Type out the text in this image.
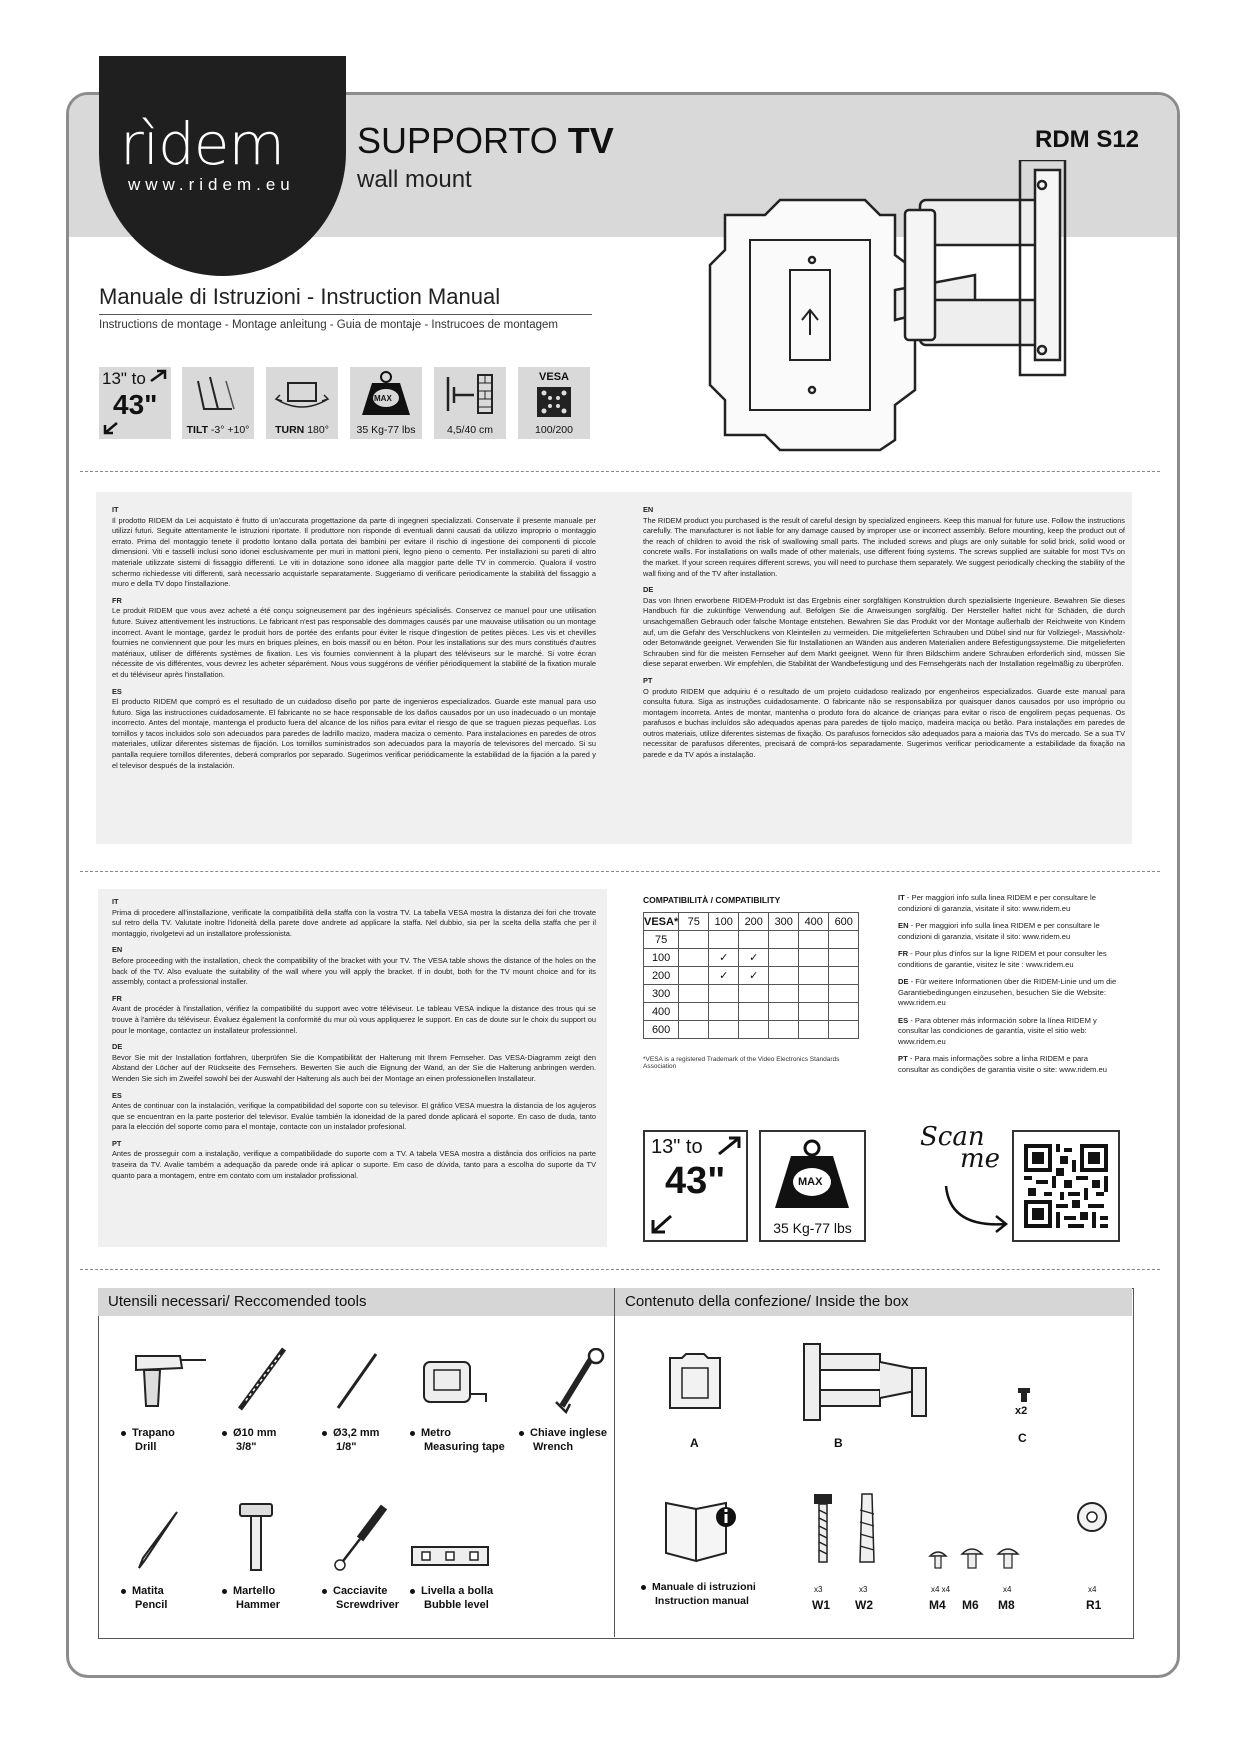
rìdem
www.ridem.eu
SUPPORTO TV
wall mount
RDM S12
Manuale di Istruzioni - Instruction Manual
Instructions de montage - Montage anleitung - Guia de montaje - Instrucoes de montagem
13" to
43"
TILT -3° +10°	TURN 180°
MAX
35 Kg-77 lbs	4,5/40 cm
VESA
100/200

IT
Il prodotto RIDEM da Lei acquistato è frutto di un'accurata progettazione da parte di ingegneri specializzati. Conservate il presente manuale per utilizzi futuri. Seguite attentamente le istruzioni riportate. Il produttore non risponde di eventuali danni causati da utilizzo improprio o montaggio errato. Prima del montaggio tenete il prodotto lontano dalla portata dei bambini per evitare il rischio di ingestione dei componenti di piccole dimensioni. Viti e tasselli inclusi sono idonei esclusivamente per muri in mattoni pieni, legno pieno o cemento. Per installazioni su pareti di altro materiale utilizzate sistemi di fissaggio differenti. Le viti in dotazione sono idonee alla maggior parte delle TV in commercio. Qualora il vostro schermo richiedesse viti differenti, sarà necessario acquistarle separatamente. Suggeriamo di verificare periodicamente la stabilità del fissaggio a muro e della TV dopo l'installazione.

FR
Le produit RIDEM que vous avez acheté a été conçu soigneusement par des ingénieurs spécialisés. Conservez ce manuel pour une utilisation future. Suivez attentivement les instructions. Le fabricant n'est pas responsable des dommages causés par une mauvaise utilisation ou un montage incorrect. Avant le montage, gardez le produit hors de portée des enfants pour éviter le risque d'ingestion de petites pièces. Les vis et chevilles fournies ne conviennent que pour les murs en briques pleines, en bois massif ou en béton. Pour les installations sur des murs constitués d'autres matériaux, utiliser de différents systèmes de fixation. Les vis fournies conviennent à la plupart des téléviseurs sur le marché. Si votre écran nécessite de vis différentes, vous devrez les acheter séparément. Nous vous suggérons de vérifier périodiquement la stabilité de la fixation murale et du téléviseur après l'installation.

ES
El producto RIDEM que compró es el resultado de un cuidadoso diseño por parte de ingenieros especializados. Guarde este manual para uso futuro. Siga las instrucciones cuidadosamente. El fabricante no se hace responsable de los daños causados por un uso inadecuado o un montaje incorrecto. Antes del montaje, mantenga el producto fuera del alcance de los niños para evitar el riesgo de que se traguen piezas pequeñas. Los tornillos y tacos incluidos solo son adecuados para paredes de ladrillo macizo, madera maciza o cemento. Para instalaciones en paredes de otros materiales, utilizar diferentes sistemas de fijación. Los tornillos suministrados son adecuados para la mayoría de televisores del mercado. Si su pantalla requiere tornillos diferentes, deberá comprarlos por separado. Sugerimos verificar periódicamente la estabilidad de la fijación a la pared y el televisor después de la instalación.

EN
The RIDEM product you purchased is the result of careful design by specialized engineers. Keep this manual for future use. Follow the instructions carefully. The manufacturer is not liable for any damage caused by improper use or incorrect assembly. Before mounting, keep the product out of the reach of children to avoid the risk of swallowing small parts. The included screws and plugs are only suitable for solid brick, solid wood or concrete walls. For installations on walls made of other materials, use different fixing systems. The screws supplied are suitable for most TVs on the market. If your screen requires different screws, you will need to purchase them separately. We suggest periodically checking the stability of the wall fixing and of the TV after installation.

DE
Das von Ihnen erworbene RIDEM-Produkt ist das Ergebnis einer sorgfältigen Konstruktion durch spezialisierte Ingenieure. Bewahren Sie dieses Handbuch für die zukünftige Verwendung auf. Befolgen Sie die Anweisungen sorgfältig. Der Hersteller haftet nicht für Schäden, die durch unsachgemäßen Gebrauch oder falsche Montage entstehen. Bewahren Sie das Produkt vor der Montage außerhalb der Reichweite von Kindern auf, um die Gefahr des Verschluckens von Kleinteilen zu vermeiden. Die mitgelieferten Schrauben und Dübel sind nur für Vollziegel-, Massivholz- oder Betonwände geeignet. Verwenden Sie für Installationen an Wänden aus anderen Materialien andere Befestigungssysteme. Die mitgelieferten Schrauben sind für die meisten Fernseher auf dem Markt geeignet. Wenn für Ihren Bildschirm andere Schrauben erforderlich sind, müssen Sie diese separat erwerben. Wir empfehlen, die Stabilität der Wandbefestigung und des Fernsehgeräts nach der Installation regelmäßig zu überprüfen.

PT
O produto RIDEM que adquiriu é o resultado de um projeto cuidadoso realizado por engenheiros especializados. Guarde este manual para consulta futura. Siga as instruções cuidadosamente. O fabricante não se responsabiliza por quaisquer danos causados por uso impróprio ou montagem incorreta. Antes de montar, mantenha o produto fora do alcance de crianças para evitar o risco de engolirem peças pequenas. Os parafusos e buchas incluídos são adequados apenas para paredes de tijolo maciço, madeira maciça ou betão. Para instalações em paredes de outros materiais, utilize diferentes sistemas de fixação. Os parafusos fornecidos são adequados para a maioria das TVs do mercado. Se a sua TV necessitar de parafusos diferentes, precisará de comprá-los separadamente. Sugerimos verificar periodicamente a estabilidade da fixação na parede e da TV após a instalação.

IT
Prima di procedere all'installazione, verificate la compatibilità della staffa con la vostra TV. La tabella VESA mostra la distanza dei fori che trovate sul retro della TV. Valutate inoltre l'idoneità della parete dove andrete ad applicare la staffa. Nel dubbio, sia per la scelta della staffa che per il montaggio, rivolgetevi ad un installatore professionista.

EN
Before proceeding with the installation, check the compatibility of the bracket with your TV. The VESA table shows the distance of the holes on the back of the TV. Also evaluate the suitability of the wall where you will apply the bracket. If in doubt, both for the TV mount choice and for its assembly, contact a professional installer.

FR
Avant de procéder à l'installation, vérifiez la compatibilité du support avec votre téléviseur. Le tableau VESA indique la distance des trous qui se trouve à l'arrière du téléviseur. Évaluez également la conformité du mur où vous appliquerez le support. En cas de doute sur le choix du support ou pour le montage, contactez un installateur professionnel.

DE
Bevor Sie mit der Installation fortfahren, überprüfen Sie die Kompatibilität der Halterung mit Ihrem Fernseher. Das VESA-Diagramm zeigt den Abstand der Löcher auf der Rückseite des Fernsehers. Bewerten Sie auch die Eignung der Wand, an der Sie die Halterung anbringen werden. Wenden Sie sich im Zweifel sowohl bei der Auswahl der Halterung als auch bei der Montage an einen professionellen Installateur.

ES
Antes de continuar con la instalación, verifique la compatibilidad del soporte con su televisor. El gráfico VESA muestra la distancia de los agujeros que se encuentran en la parte posterior del televisor. Evalúe también la idoneidad de la pared donde aplicará el soporte. En caso de duda, tanto para la elección del soporte como para el montaje, contacte con un instalador profesional.

PT
Antes de prosseguir com a instalação, verifique a compatibilidade do suporte com a TV. A tabela VESA mostra a distância dos orifícios na parte traseira da TV. Avalie também a adequação da parede onde irá aplicar o suporte. Em caso de dúvida, tanto para a escolha do suporte da TV quanto para a montagem, entre em contato com um instalador profissional.

COMPATIBILITÀ / COMPATIBILITY
VESA*	75	100	200	300	400	600
75						
100		✓	✓			
200		✓	✓			
300						
400						
600						
*VESA is a registered Trademark of the Video Electronics Standards Association

IT - Per maggiori info sulla linea RIDEM e per consultare le condizioni di garanzia, visitate il sito: www.ridem.eu

EN - Per maggiori info sulla linea RIDEM e per consultare le condizioni di garanzia, visitate il sito: www.ridem.eu

FR - Pour plus d'infos sur la ligne RIDEM et pour consulter les conditions de garantie, visitez le site : www.ridem.eu

DE - Für weitere Informationen über die RIDEM-Linie und um die Garantiebedingungen einzusehen, besuchen Sie die Website: www.ridem.eu

ES - Para obtener más información sobre la línea RIDEM y consultar las condiciones de garantía, visite el sitio web: www.ridem.eu

PT - Para mais informações sobre a linha RIDEM e para consultar as condições de garantia visite o site: www.ridem.eu

13" to
43"	MAX
35 Kg-77 lbs
Scan
me
Utensili necessari/ Reccomended tools	Contenuto della confezione/ Inside the box
Trapano
Drill
Ø10 mm
3/8"
Ø3,2 mm
1/8"
Metro
Measuring tape
Chiave inglese
Wrench
Matita
Pencil
Martello
Hammer
Cacciavite
Screwdriver
Livella a bolla
Bubble level
A	B
x2
C
Manuale di istruzioni
Instruction manual
x3	x3
W1 W2
x4 x4	x4
M4 M6 M8
x4
R1
